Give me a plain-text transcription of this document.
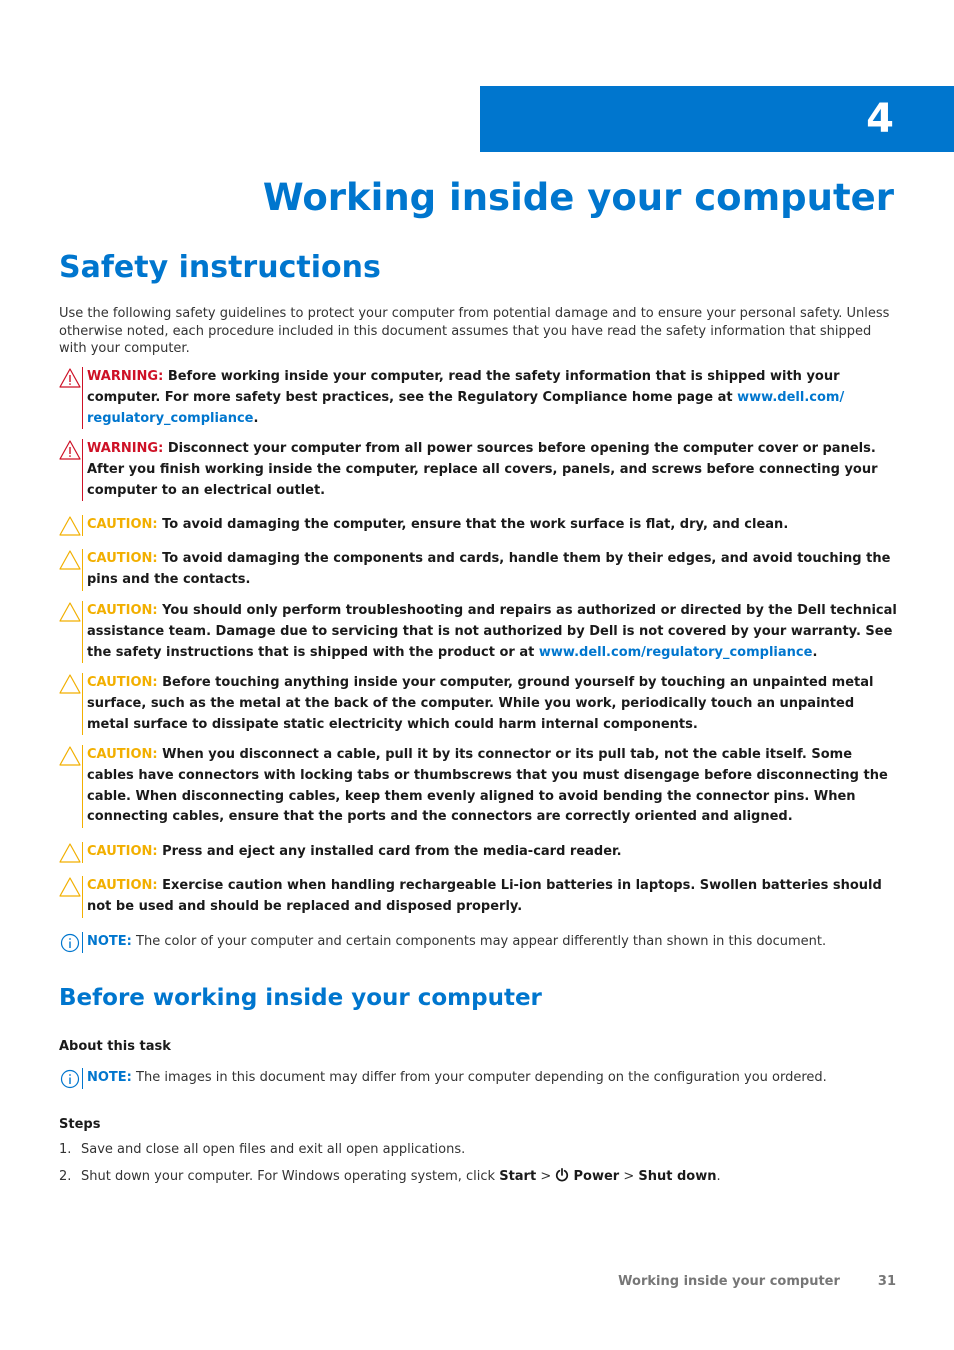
4
Working inside your computer
Safety instructions

Use the following safety guidelines to protect your computer from potential damage and to ensure your personal safety. Unless otherwise noted, each procedure included in this document assumes that you have read the safety information that shipped with your computer.

WARNING: Before working inside your computer, read the safety information that is shipped with your computer. For more safety best practices, see the Regulatory Compliance home page at www.dell.com/ regulatory_compliance.
WARNING: Disconnect your computer from all power sources before opening the computer cover or panels. After you finish working inside the computer, replace all covers, panels, and screws before connecting your computer to an electrical outlet.
CAUTION: To avoid damaging the computer, ensure that the work surface is flat, dry, and clean.
CAUTION: To avoid damaging the components and cards, handle them by their edges, and avoid touching the pins and the contacts.
CAUTION: You should only perform troubleshooting and repairs as authorized or directed by the Dell technical assistance team. Damage due to servicing that is not authorized by Dell is not covered by your warranty. See the safety instructions that is shipped with the product or at www.dell.com/regulatory_compliance.
CAUTION: Before touching anything inside your computer, ground yourself by touching an unpainted metal surface, such as the metal at the back of the computer. While you work, periodically touch an unpainted metal surface to dissipate static electricity which could harm internal components.
CAUTION: When you disconnect a cable, pull it by its connector or its pull tab, not the cable itself. Some cables have connectors with locking tabs or thumbscrews that you must disengage before disconnecting the cable. When disconnecting cables, keep them evenly aligned to avoid bending the connector pins. When connecting cables, ensure that the ports and the connectors are correctly oriented and aligned.
CAUTION: Press and eject any installed card from the media-card reader.
CAUTION: Exercise caution when handling rechargeable Li-ion batteries in laptops. Swollen batteries should not be used and should be replaced and disposed properly.
NOTE: The color of your computer and certain components may appear differently than shown in this document.
Before working inside your computer
About this task
NOTE: The images in this document may differ from your computer depending on the configuration you ordered.
Steps
1. Save and close all open files and exit all open applications.
2. Shut down your computer. For Windows operating system, click Start >  Power > Shut down.
Working inside your computer	31
